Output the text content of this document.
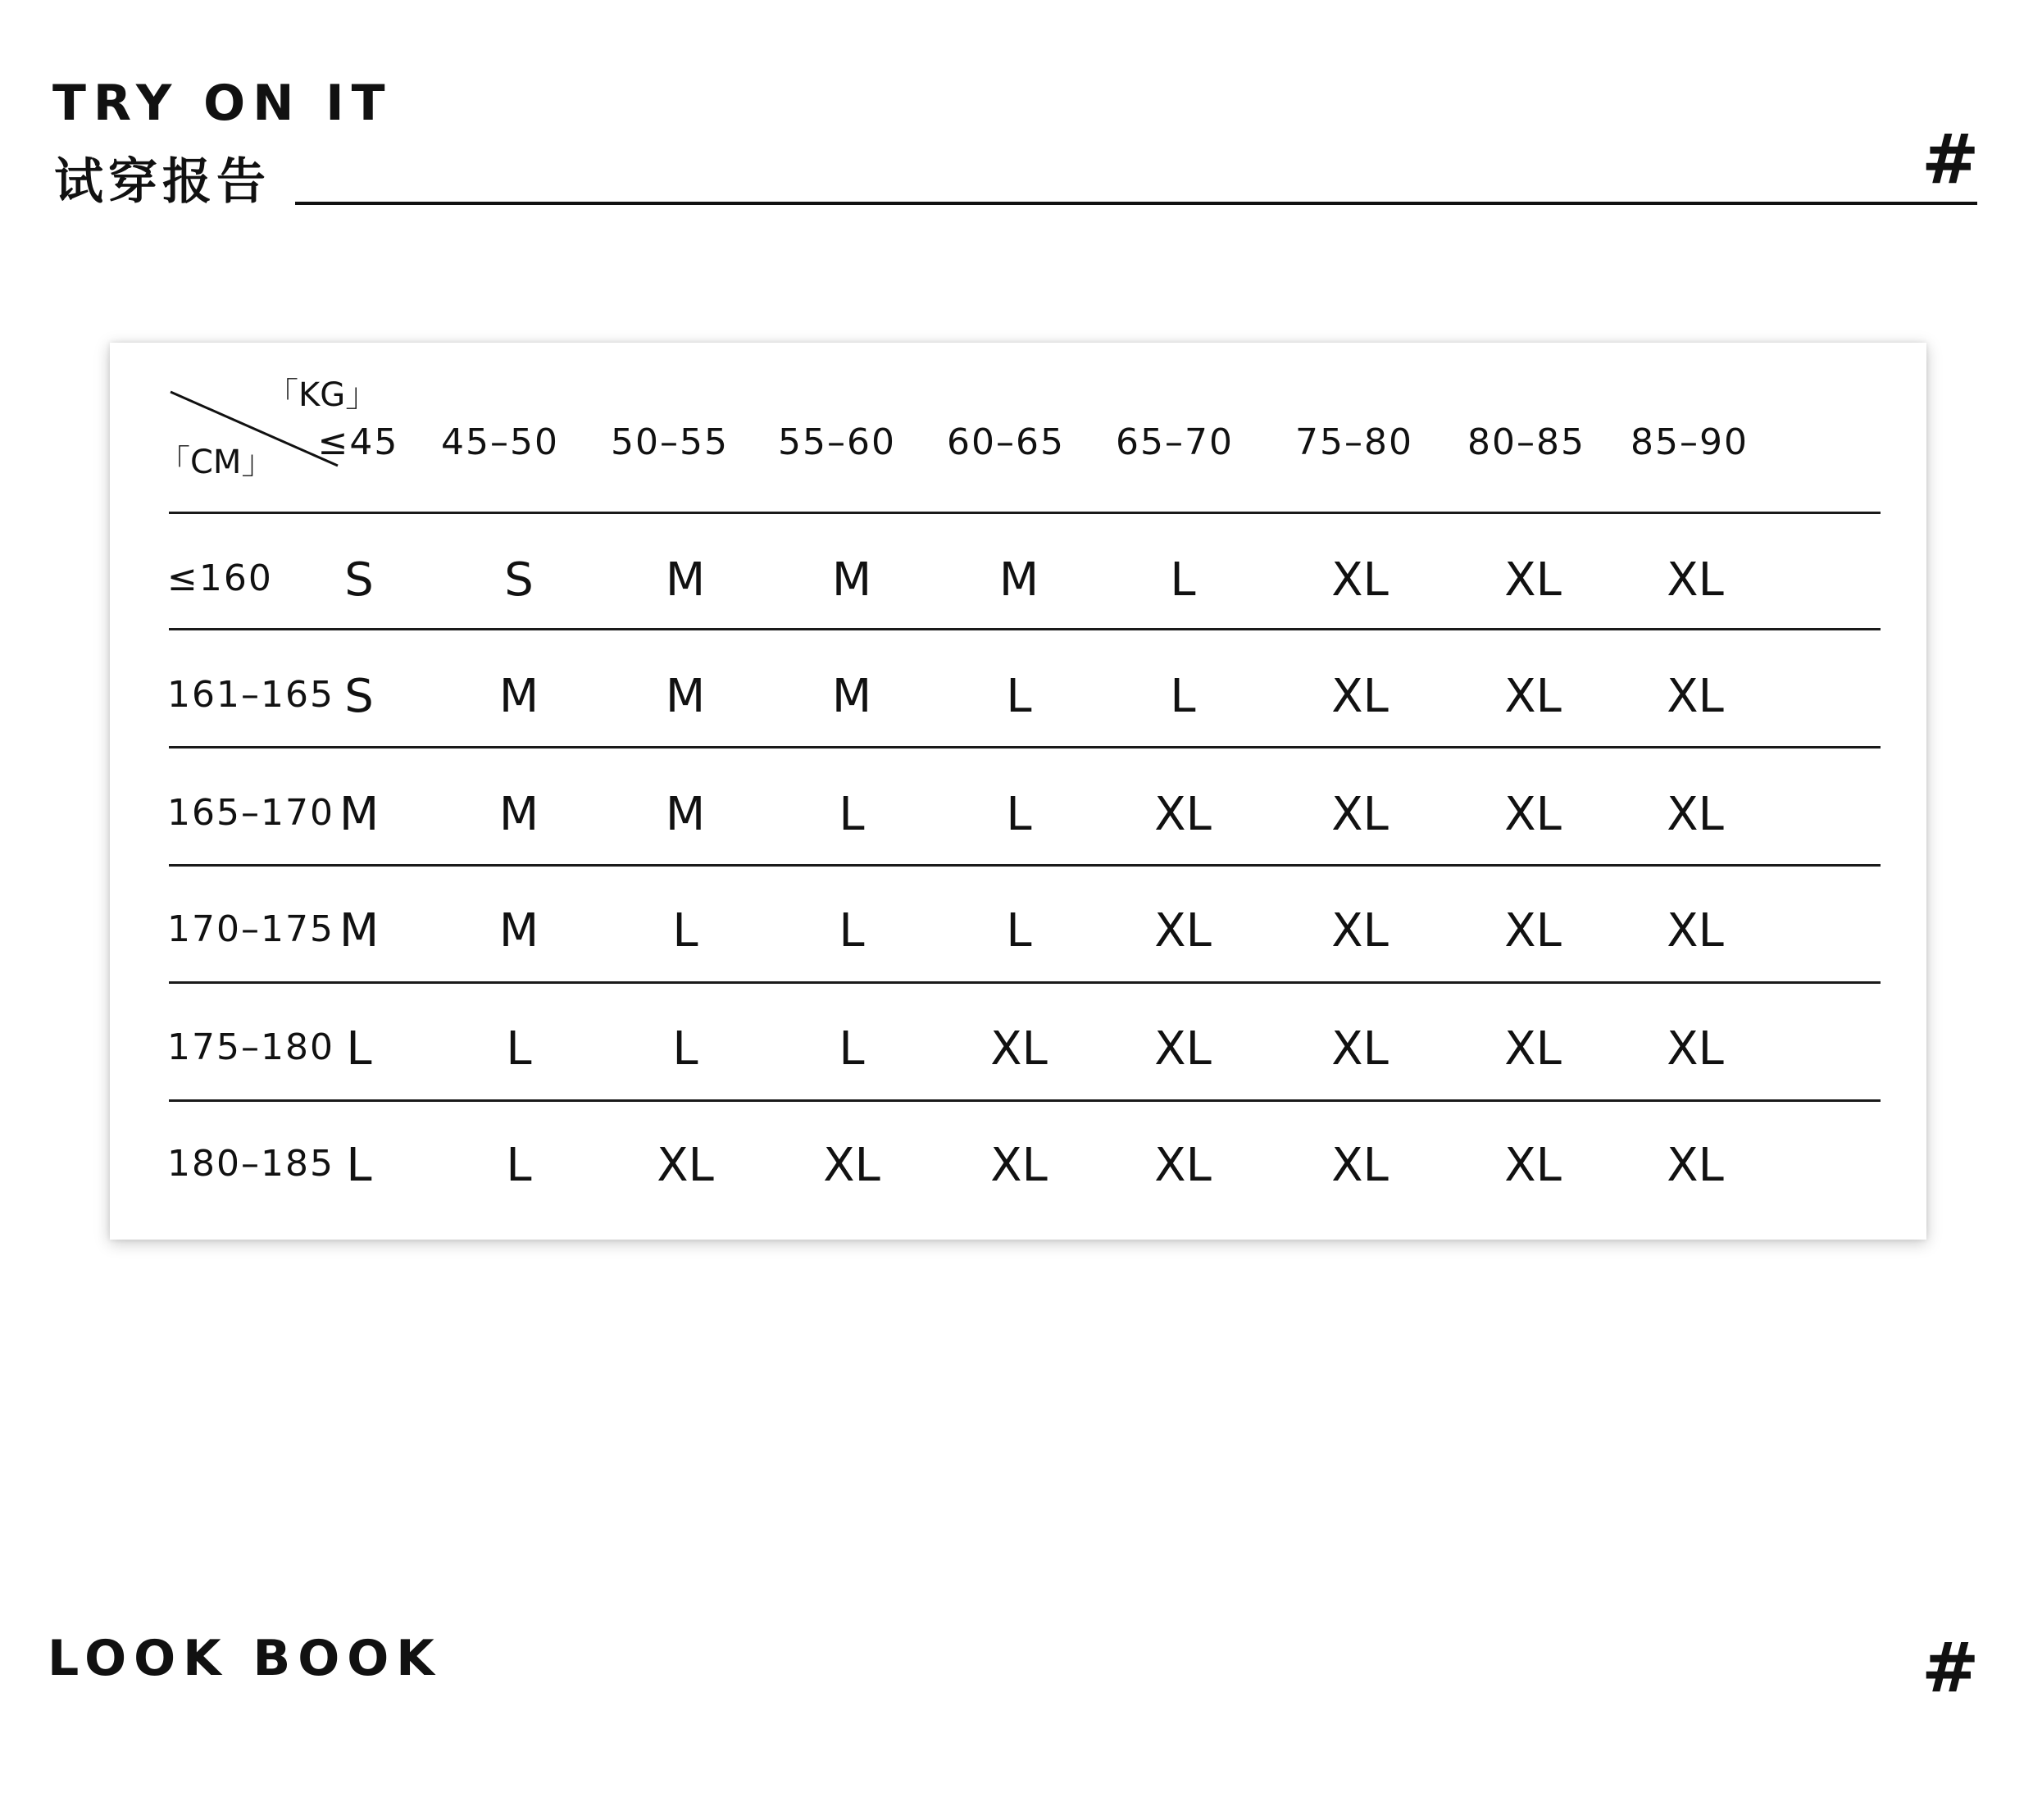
TRY ON IT
试穿报告	#
「KG」
「CM」	≤45	45–50	50–55	55–60	60–65	65–70	75–80	80–85	85–90
≤160	S	S	M	M	M	L	XL	XL	XL
161–165 S	M	M	M	L	L	XL	XL	XL
165–170 M	M	M	L	L	XL	XL	XL	XL
170–175 M	M	L	L	L	XL	XL	XL	XL
175–180 L	L	L	L	XL	XL	XL	XL	XL
180–185 L	L	XL	XL	XL	XL	XL	XL	XL
LOOK BOOK	#
